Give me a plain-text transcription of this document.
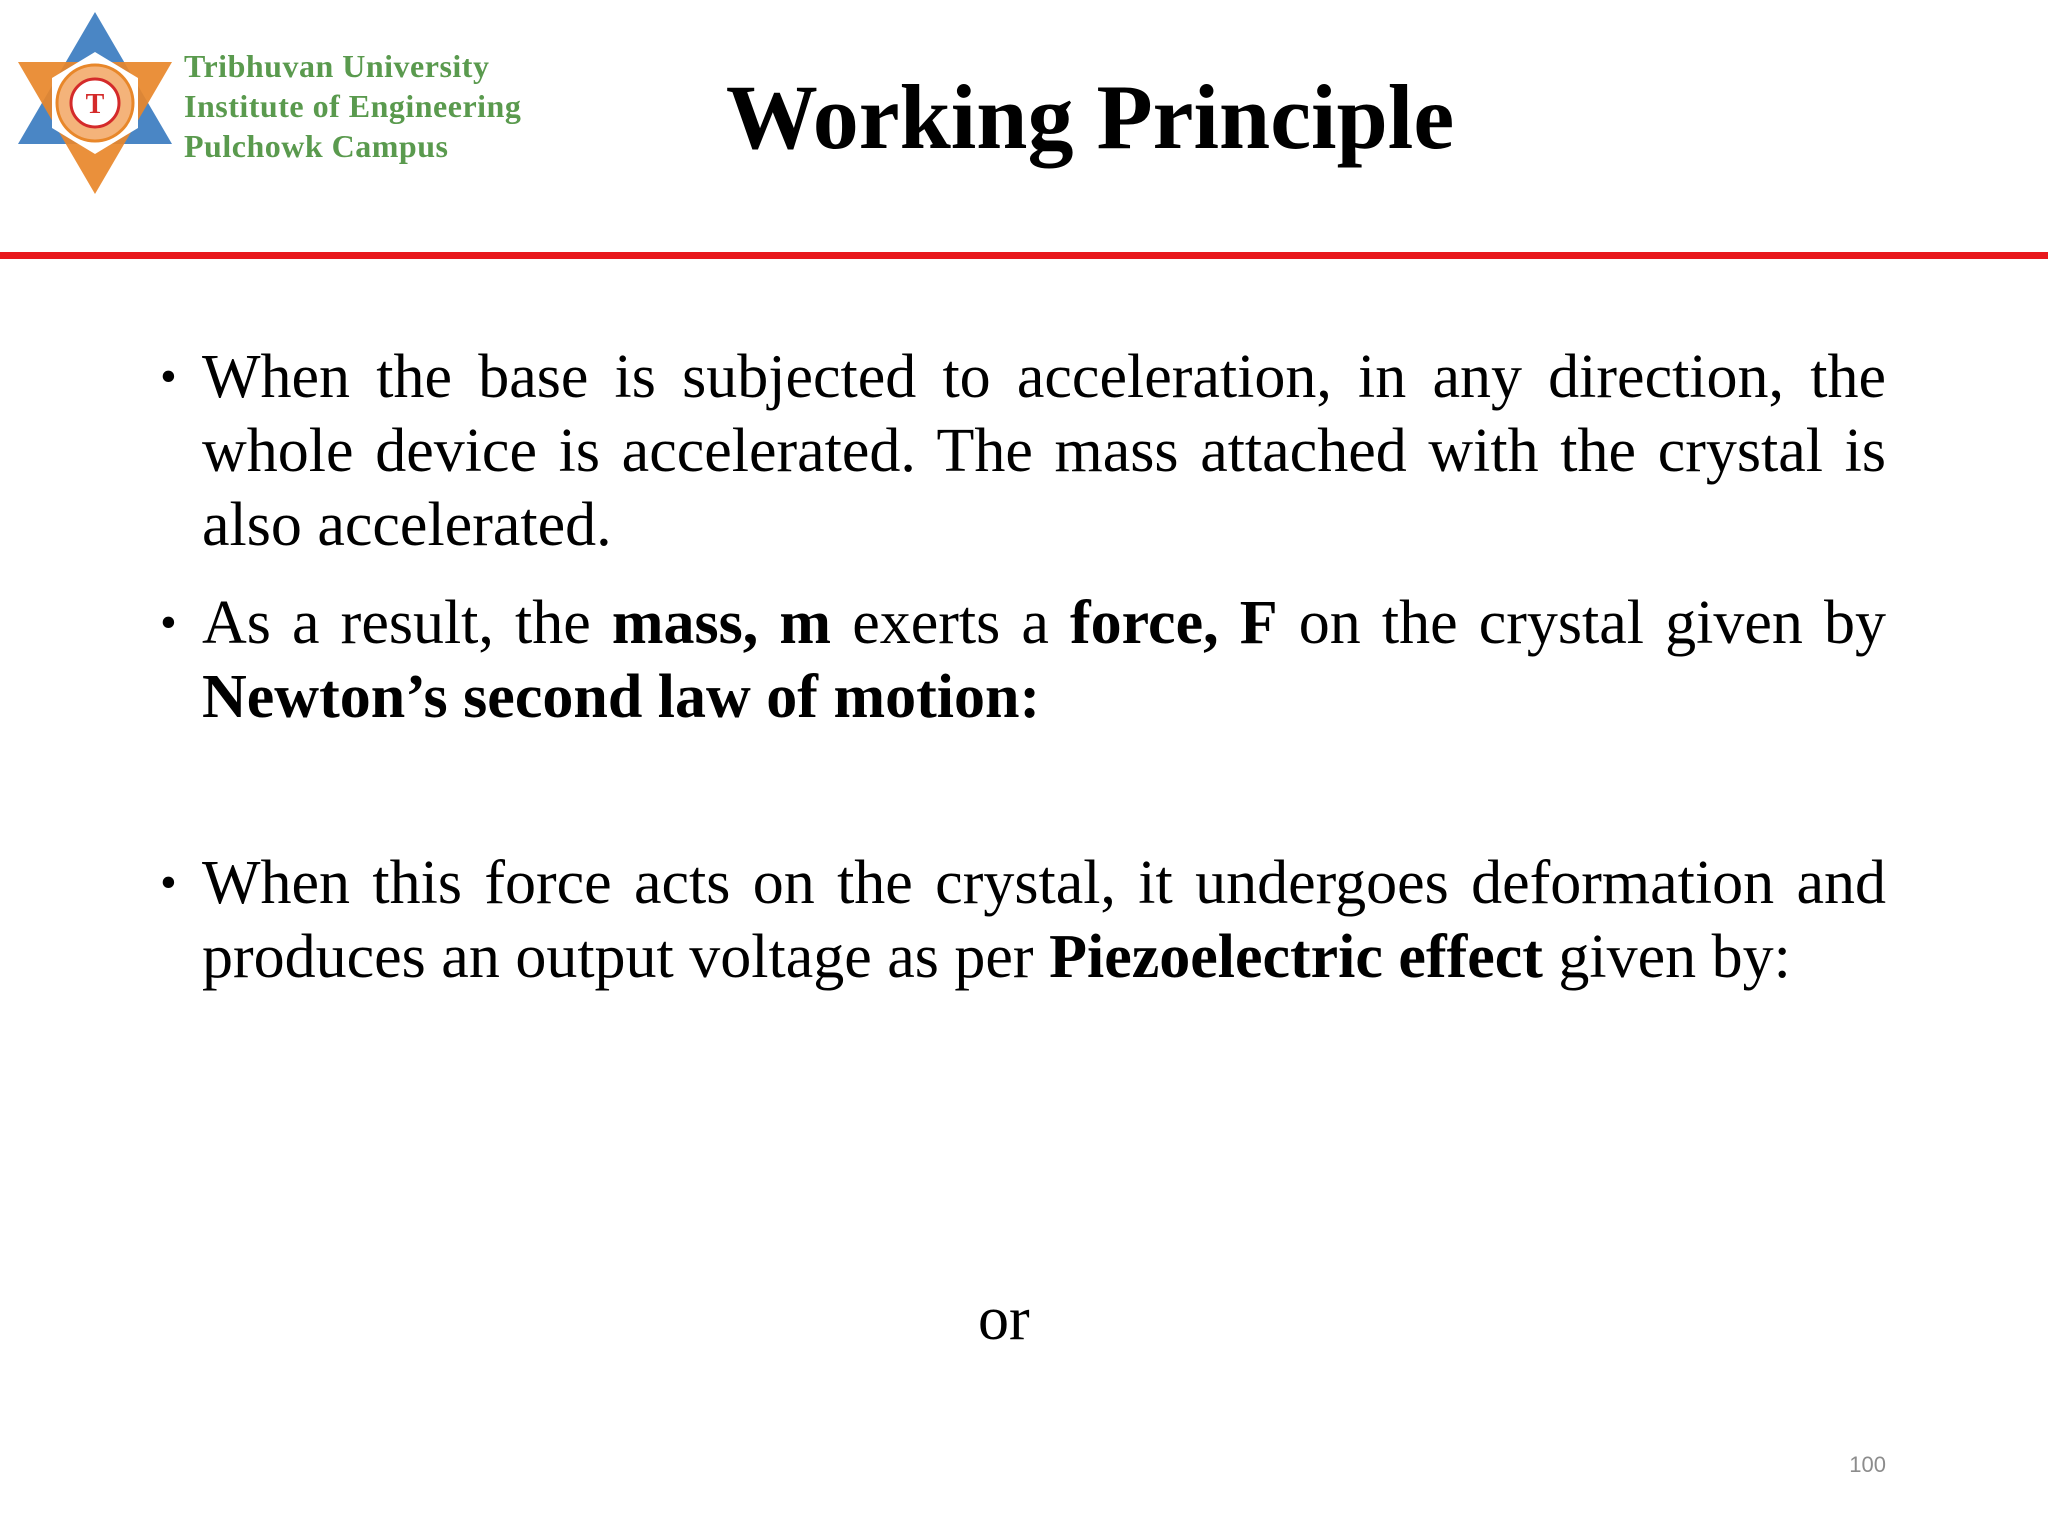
T
Tribhuvan University
Institute of Engineering
Pulchowk Campus	Working Principle
• When the base is subjected to acceleration, in any direction, the whole device is accelerated. The mass attached with the crystal is also accelerated.
• As a result, the mass, m exerts a force, F on the crystal given by Newton’s second law of motion:
• When this force acts on the crystal, it undergoes deformation and produces an output voltage as per Piezoelectric effect given by:
or
100
